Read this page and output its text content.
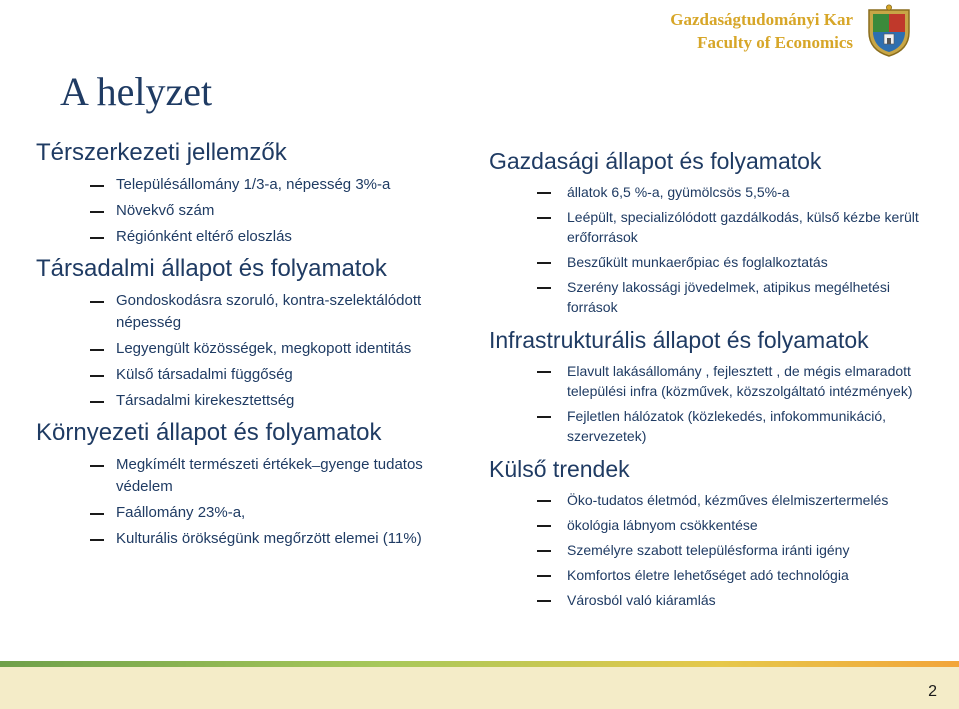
Gazdaságtudományi Kar
Faculty of Economics
A helyzet
Térszerkezeti jellemzők
Településállomány 1/3-a, népesség 3%-a
Növekvő szám
Régiónként eltérő eloszlás
Társadalmi állapot és folyamatok
Gondoskodásra szoruló, kontra-szelektálódott népesség
Legyengült közösségek, megkopott identitás
Külső társadalmi függőség
Társadalmi kirekesztettség
Környezeti állapot és folyamatok
Megkímélt természeti értékek ̶ gyenge tudatos védelem
Faállomány 23%-a,
Kulturális örökségünk megőrzött elemei (11%)
Gazdasági állapot és folyamatok
állatok 6,5 %-a, gyümölcsös 5,5%-a
Leépült, specializólódott gazdálkodás, külső kézbe került erőforrások
Beszűkült munkaerőpiac és foglalkoztatás
Szerény lakossági jövedelmek, atipikus megélhetési források
Infrastrukturális állapot és folyamatok
Elavult lakásállomány , fejlesztett , de mégis elmaradott települési infra (közművek, közszolgáltató intézmények)
Fejletlen hálózatok (közlekedés, infokommunikáció, szervezetek)
Külső trendek
Öko-tudatos életmód, kézműves élelmiszertermelés
ökológia lábnyom csökkentése
Személyre szabott településforma iránti igény
Komfortos életre lehetőséget adó technológia
Városból való kiáramlás
2
